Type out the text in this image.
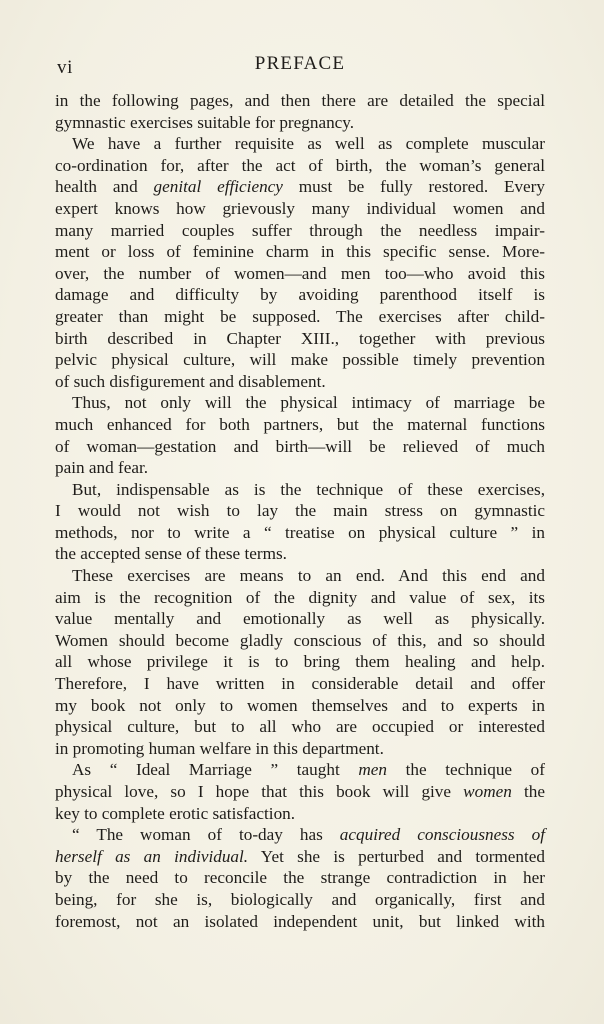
vi	PREFACE
in the following pages, and then there are detailed the special
gymnastic exercises suitable for pregnancy.
We have a further requisite as well as complete muscular
co-ordination for, after the act of birth, the woman’s general
health and genital efficiency must be fully restored. Every
expert knows how grievously many individual women and
many married couples suffer through the needless impair-
ment or loss of feminine charm in this specific sense. More-
over, the number of women—and men too—who avoid this
damage and difficulty by avoiding parenthood itself is
greater than might be supposed. The exercises after child-
birth described in Chapter XIII., together with previous
pelvic physical culture, will make possible timely prevention
of such disfigurement and disablement.
Thus, not only will the physical intimacy of marriage be
much enhanced for both partners, but the maternal functions
of woman—gestation and birth—will be relieved of much
pain and fear.
But, indispensable as is the technique of these exercises,
I would not wish to lay the main stress on gymnastic
methods, nor to write a “ treatise on physical culture ” in
the accepted sense of these terms.
These exercises are means to an end. And this end and
aim is the recognition of the dignity and value of sex, its
value mentally and emotionally as well as physically.
Women should become gladly conscious of this, and so should
all whose privilege it is to bring them healing and help.
Therefore, I have written in considerable detail and offer
my book not only to women themselves and to experts in
physical culture, but to all who are occupied or interested
in promoting human welfare in this department.
As “ Ideal Marriage ” taught men the technique of
physical love, so I hope that this book will give women the
key to complete erotic satisfaction.
“ The woman of to-day has acquired consciousness of
herself as an individual. Yet she is perturbed and tormented
by the need to reconcile the strange contradiction in her
being, for she is, biologically and organically, first and
foremost, not an isolated independent unit, but linked with
